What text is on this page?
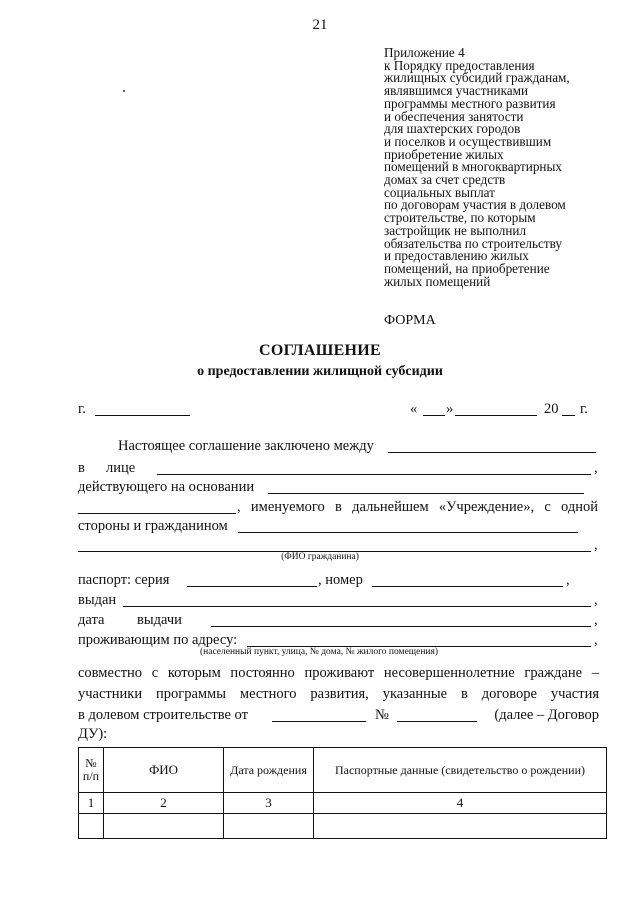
21
Приложение 4
к Порядку предоставления
жилищных субсидий гражданам,
являвшимся участниками
программы местного развития
и обеспечения занятости
для шахтерских городов
и поселков и осуществившим
приобретение жилых
помещений в многоквартирных
домах за счет средств
социальных выплат
по договорам участия в долевом
строительстве, по которым
застройщик не выполнил
обязательства по строительству
и предоставлению жилых
помещений, на приобретение
жилых помещений
ФОРМА
СОГЛАШЕНИЕ
о предоставлении жилищной субсидии
г.	« »	20 г.
Настоящее соглашение заключено между
в лице	,
действующего на основании
, именуемого в дальнейшем «Учреждение», с одной
стороны и гражданином
,
(ФИО гражданина)
паспорт: серия	, номер	,
выдан	,
дата выдачи	,
проживающим по адресу:	,
(населенный пункт, улица, № дома, № жилого помещения)
совместно с которым постоянно проживают несовершеннолетние граждане –
участники программы местного развития, указанные в договоре участия
в долевом строительстве от	№	(далее – Договор
ДУ):
№ п/п	ФИО	Дата рождения	Паспортные данные (свидетельство о рождении)
1	2	3	4
